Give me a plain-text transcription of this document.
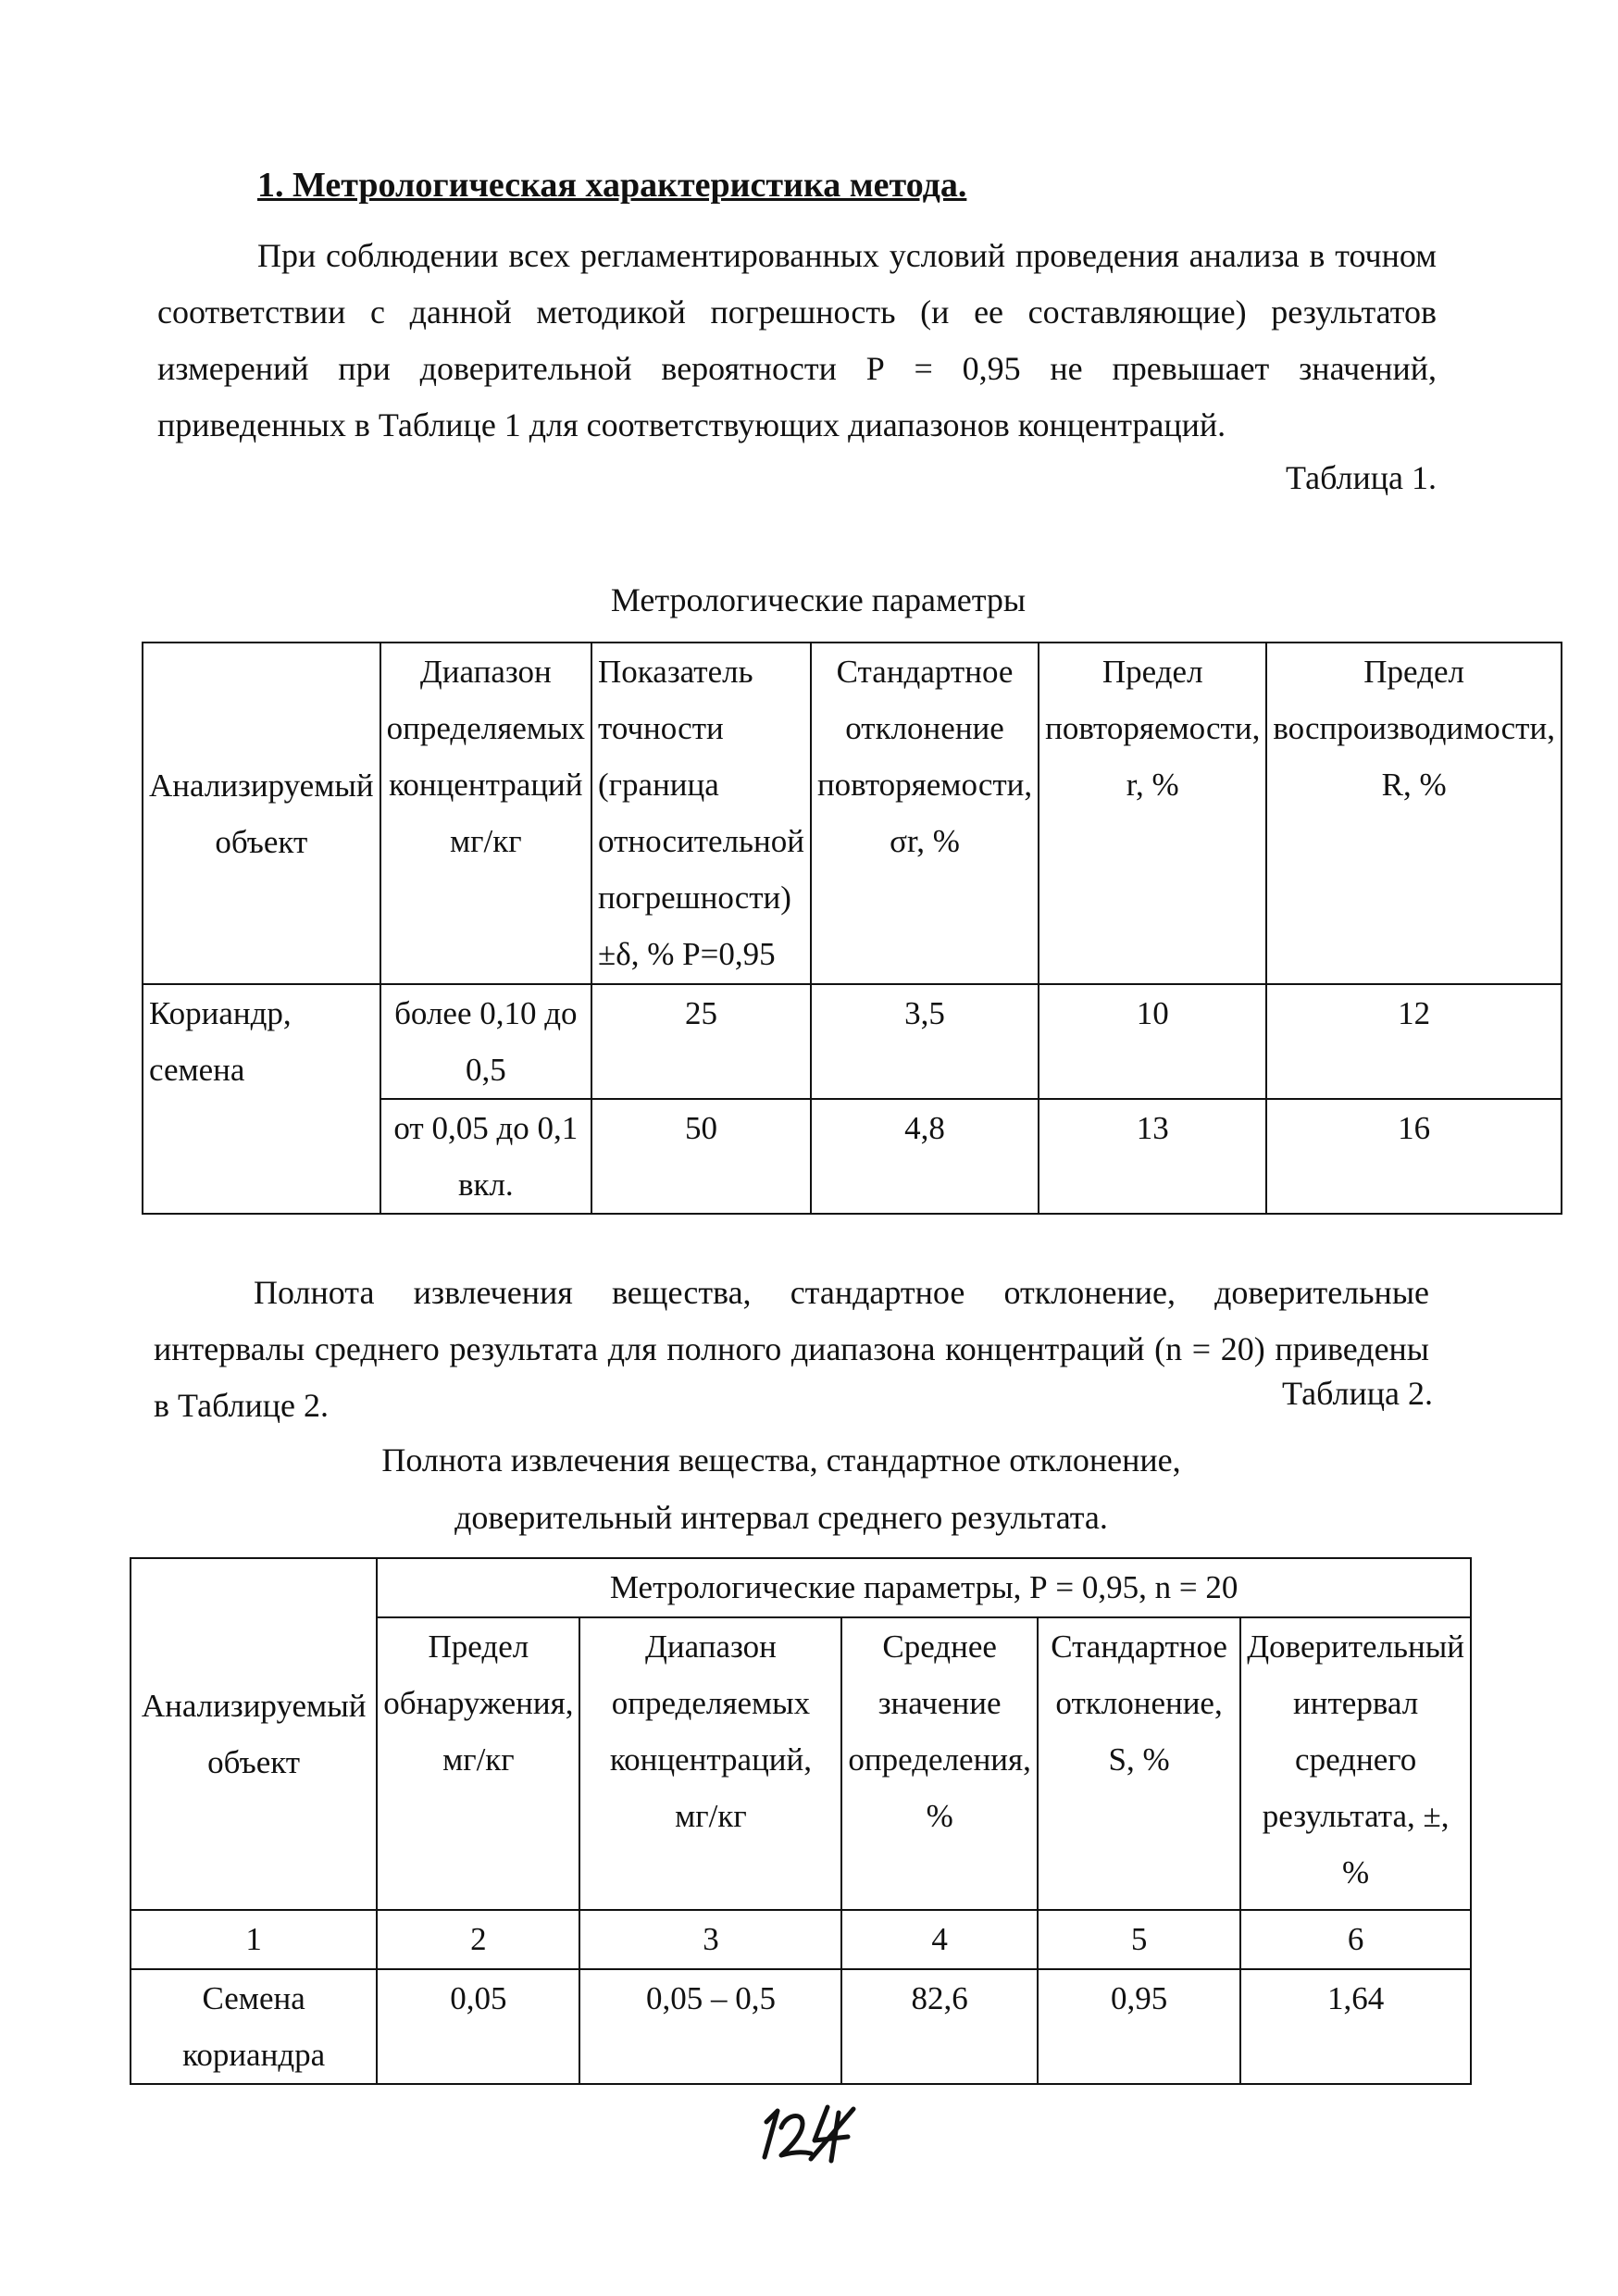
1. Метрологическая характеристика метода.

При соблюдении всех регламентированных условий проведения анализа в точном соответствии с данной методикой погрешность (и ее составляющие) результатов измерений при доверительной вероятности Р = 0,95 не превышает значений, приведенных в Таблице 1 для соответствующих диапазонов концентраций.

Таблица 1.

Метрологические параметры

Анализируемый объект	Диапазон определяемых концентраций мг/кг	Показатель точности (граница относительной погрешности) ±δ, % Р=0,95	Стандартное отклонение повторяемости, σr, %	Предел повторяемости, r, %	Предел воспроизводимости, R, %
Кориандр, семена	более 0,10 до 0,5	25	3,5	10	12
	от 0,05 до 0,1 вкл.	50	4,8	13	16

Полнота извлечения вещества, стандартное отклонение, доверительные интервалы среднего результата для полного диапазона концентраций (n = 20) приведены в Таблице 2.	Таблица 2.

Полнота извлечения вещества, стандартное отклонение,

доверительный интервал среднего результата.

Анализируемый объект	Метрологические параметры, Р = 0,95, n = 20				
	Предел обнаружения, мг/кг	Диапазон определяемых концентраций, мг/кг	Среднее значение определения, %	Стандартное отклонение, S, %	Доверительный интервал среднего результата, ±, %
1	2	3	4	5	6
Семена кориандра	0,05	0,05 – 0,5	82,6	0,95	1,64
